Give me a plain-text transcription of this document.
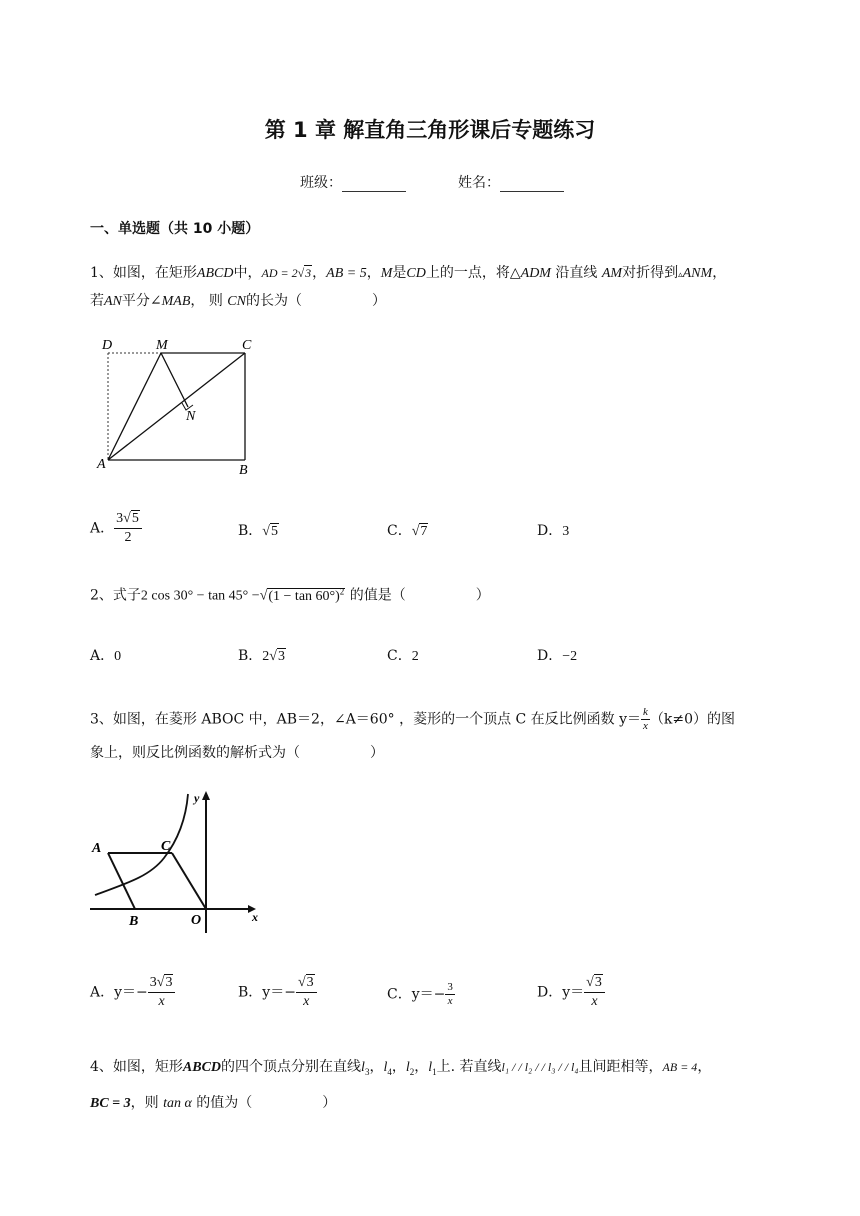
第 1 章 解直角三角形课后专题练习
班级：	姓名：
一、单选题（共 10 小题）
1、如图，在矩形ABCD中，AD = 2√3，AB = 5，M是CD上的一点，将△ADM 沿直线 AM对折得到▵ANM，
若AN平分∠MAB， 则 CN的长为（　　　　　）
D	M	C
N
A	B
A． $\frac{3√5}{2}$	B．√5	C．√7	D．3
2、式子2 $\cos 30^\circ - \tan 45^\circ -√(1 - \tan 60^\circ)^2$ 的值是（　　　　　）
A．0	B．2√3	C．2	D．−2
3、如图，在菱形 ABOC 中，AB＝2，∠A＝60° ，菱形的一个顶点 C 在反比例函数 $y= \frac{k}{x} (k\ne 0)$的图
象上，则反比例函数的解析式为（　　　　　）
A	C
B	O	x
y
A．$y=- \frac{3√3}{x}$	B．$y=- \frac{√3}{x}$	C．$y=- \frac{3}{x}$	D．$y= \frac{√3}{x}$
4、如图，矩形ABCD的四个顶点分别在直线$l_3$，$l_4$，$l_2$，$l_1$上. 若直线l₁ / / l₂ / / l₃ / / l₄且间距相等，AB = 4，
BC = 3，则 tan α 的值为（　　　　　）
